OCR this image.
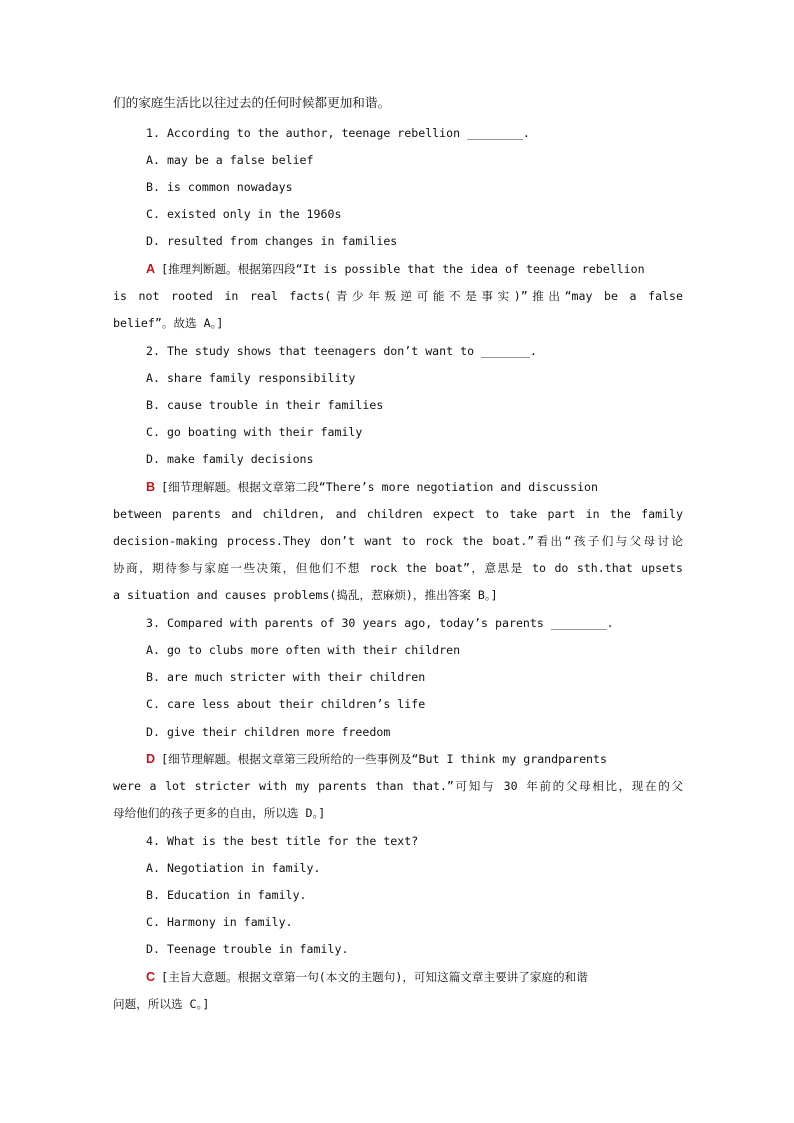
们的家庭生活比以往过去的任何时候都更加和谐。

1. According to the author, teenage rebellion ________.

A. may be a false belief

B. is common nowadays

C. existed only in the 1960s

D. resulted from changes in families

A [推理判断题。根据第四段“It is possible that the idea of teenage rebellion

is not rooted in real facts(青少年叛逆可能不是事实)”推出“may be a false

belief”。故选 A。]

2. The study shows that teenagers don’t want to _______.

A. share family responsibility

B. cause trouble in their families

C. go boating with their family

D. make family decisions

B [细节理解题。根据文章第二段“There’s more negotiation and discussion

between parents and children, and children expect to take part in the family

decision-making process.They don’t want to rock the boat.”看出“孩子们与父母讨论

协商，期待参与家庭一些决策，但他们不想 rock the boat”，意思是 to do sth.that upsets

a situation and causes problems(捣乱，惹麻烦)，推出答案 B。]

3. Compared with parents of 30 years ago, today’s parents ________.

A. go to clubs more often with their children

B. are much stricter with their children

C. care less about their children’s life

D. give their children more freedom

D [细节理解题。根据文章第三段所给的一些事例及“But I think my grandparents

were a lot stricter with my parents than that.”可知与 30 年前的父母相比，现在的父

母给他们的孩子更多的自由，所以选 D。]

4. What is the best title for the text?

A. Negotiation in family.

B. Education in family.

C. Harmony in family.

D. Teenage trouble in family.

C [主旨大意题。根据文章第一句(本文的主题句)，可知这篇文章主要讲了家庭的和谐

问题，所以选 C。]
